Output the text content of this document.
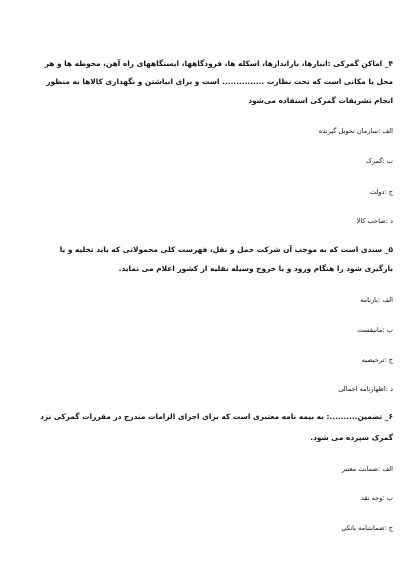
۴_ اماکن گمرکی :انبارها، بارانداز‌ها، اسکله ها، فرودگاهها، ایستگاههای راه آهن، محوطه ها و هر
محل یا مکانی است که تحت نظارت ............... است و برای انباشتن و نگهداری کالاها به منظور
انجام تشریفات گمرکی استفاده می‌شود
الف :سازمان تحویل گیرنده
ب :گمرک
ج :دولت
د :صاحب کالا
۵_ سندی است که به موجب آن شرکت حمل و نقل، فهرست کلی محمولاتی که باید تخلیه و یا
بارگیری شود را هنگام ورود و یا خروج وسیله نقلیه از کشور اعلام می نماید.
الف :بارنامه
ب :مانیفست
ج :ترخیصیه
د :اظهارنامه اجمالی
۶_ تضمین..........: به بیمه نامه معتبری است که برای اجرای الزامات مندرج در مقررات گمرکی نزد
گمرک سپرده می شود.
الف :ضمانت معتبر
ب :وجه نقد
ج :ضمانتنامه بانکی
